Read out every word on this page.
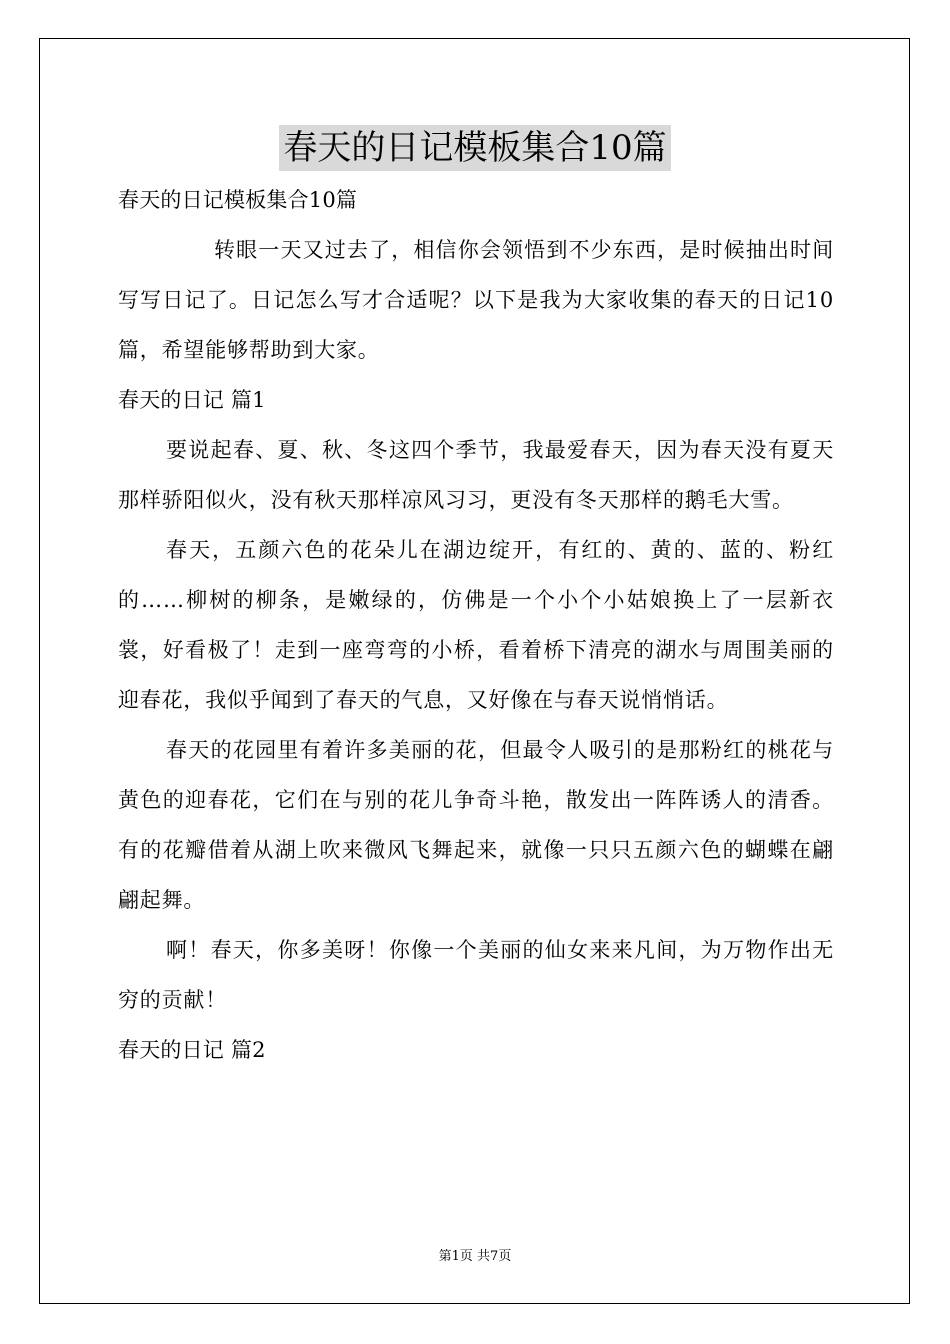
春天的日记模板集合10篇
春天的日记模板集合10篇

转眼一天又过去了，相信你会领悟到不少东西，是时候抽出时间写写日记了。日记怎么写才合适呢？以下是我为大家收集的春天的日记10篇，希望能够帮助到大家。

春天的日记 篇1

要说起春、夏、秋、冬这四个季节，我最爱春天，因为春天没有夏天那样骄阳似火，没有秋天那样凉风习习，更没有冬天那样的鹅毛大雪。

春天，五颜六色的花朵儿在湖边绽开，有红的、黄的、蓝的、粉红的……柳树的柳条，是嫩绿的，仿佛是一个小个小姑娘换上了一层新衣裳，好看极了！走到一座弯弯的小桥，看着桥下清亮的湖水与周围美丽的迎春花，我似乎闻到了春天的气息，又好像在与春天说悄悄话。

春天的花园里有着许多美丽的花，但最令人吸引的是那粉红的桃花与黄色的迎春花，它们在与别的花儿争奇斗艳，散发出一阵阵诱人的清香。有的花瓣借着从湖上吹来微风飞舞起来，就像一只只五颜六色的蝴蝶在翩翩起舞。

啊！春天，你多美呀！你像一个美丽的仙女来来凡间，为万物作出无穷的贡献！

春天的日记 篇2
第1页 共7页
